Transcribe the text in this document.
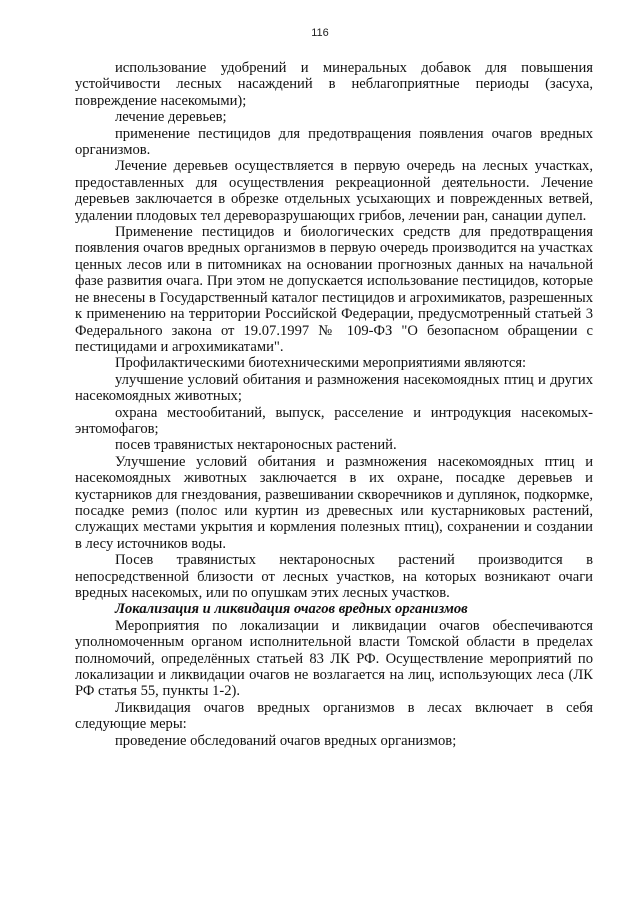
116

использование удобрений и минеральных добавок для повышения устойчивости лесных насаждений в неблагоприятные периоды (засуха, повреждение насекомыми);

лечение деревьев;

применение пестицидов для предотвращения появления очагов вредных организмов.

Лечение деревьев осуществляется в первую очередь на лесных участках, предоставленных для осуществления рекреационной деятельности. Лечение деревьев заключается в обрезке отдельных усыхающих и поврежденных ветвей, удалении плодовых тел дереворазрушающих грибов, лечении ран, санации дупел.

Применение пестицидов и биологических средств для предотвращения появления очагов вредных организмов в первую очередь производится на участках ценных лесов или в питомниках на основании прогнозных данных на начальной фазе развития очага. При этом не допускается использование пестицидов, которые не внесены в Государственный каталог пестицидов и агрохимикатов, разрешенных к применению на территории Российской Федерации, предусмотренный статьей 3 Федерального закона от 19.07.1997 № 109-ФЗ "О безопасном обращении с пестицидами и агрохимикатами".

Профилактическими биотехническими мероприятиями являются:

улучшение условий обитания и размножения насекомоядных птиц и других насекомоядных животных;

охрана местообитаний, выпуск, расселение и интродукция насекомых-энтомофагов;

посев травянистых нектароносных растений.

Улучшение условий обитания и размножения насекомоядных птиц и насекомоядных животных заключается в их охране, посадке деревьев и кустарников для гнездования, развешивании скворечников и дуплянок, подкормке, посадке ремиз (полос или куртин из древесных или кустарниковых растений, служащих местами укрытия и кормления полезных птиц), сохранении и создании в лесу источников воды.

Посев травянистых нектароносных растений производится в непосредственной близости от лесных участков, на которых возникают очаги вредных насекомых, или по опушкам этих лесных участков.

Локализация и ликвидация очагов вредных организмов

Мероприятия по локализации и ликвидации очагов обеспечиваются уполномоченным органом исполнительной власти Томской области в пределах полномочий, определённых статьей 83 ЛК РФ. Осуществление мероприятий по локализации и ликвидации очагов не возлагается на лиц, использующих леса (ЛК РФ статья 55, пункты 1-2).

Ликвидация очагов вредных организмов в лесах включает в себя следующие меры:

проведение обследований очагов вредных организмов;
